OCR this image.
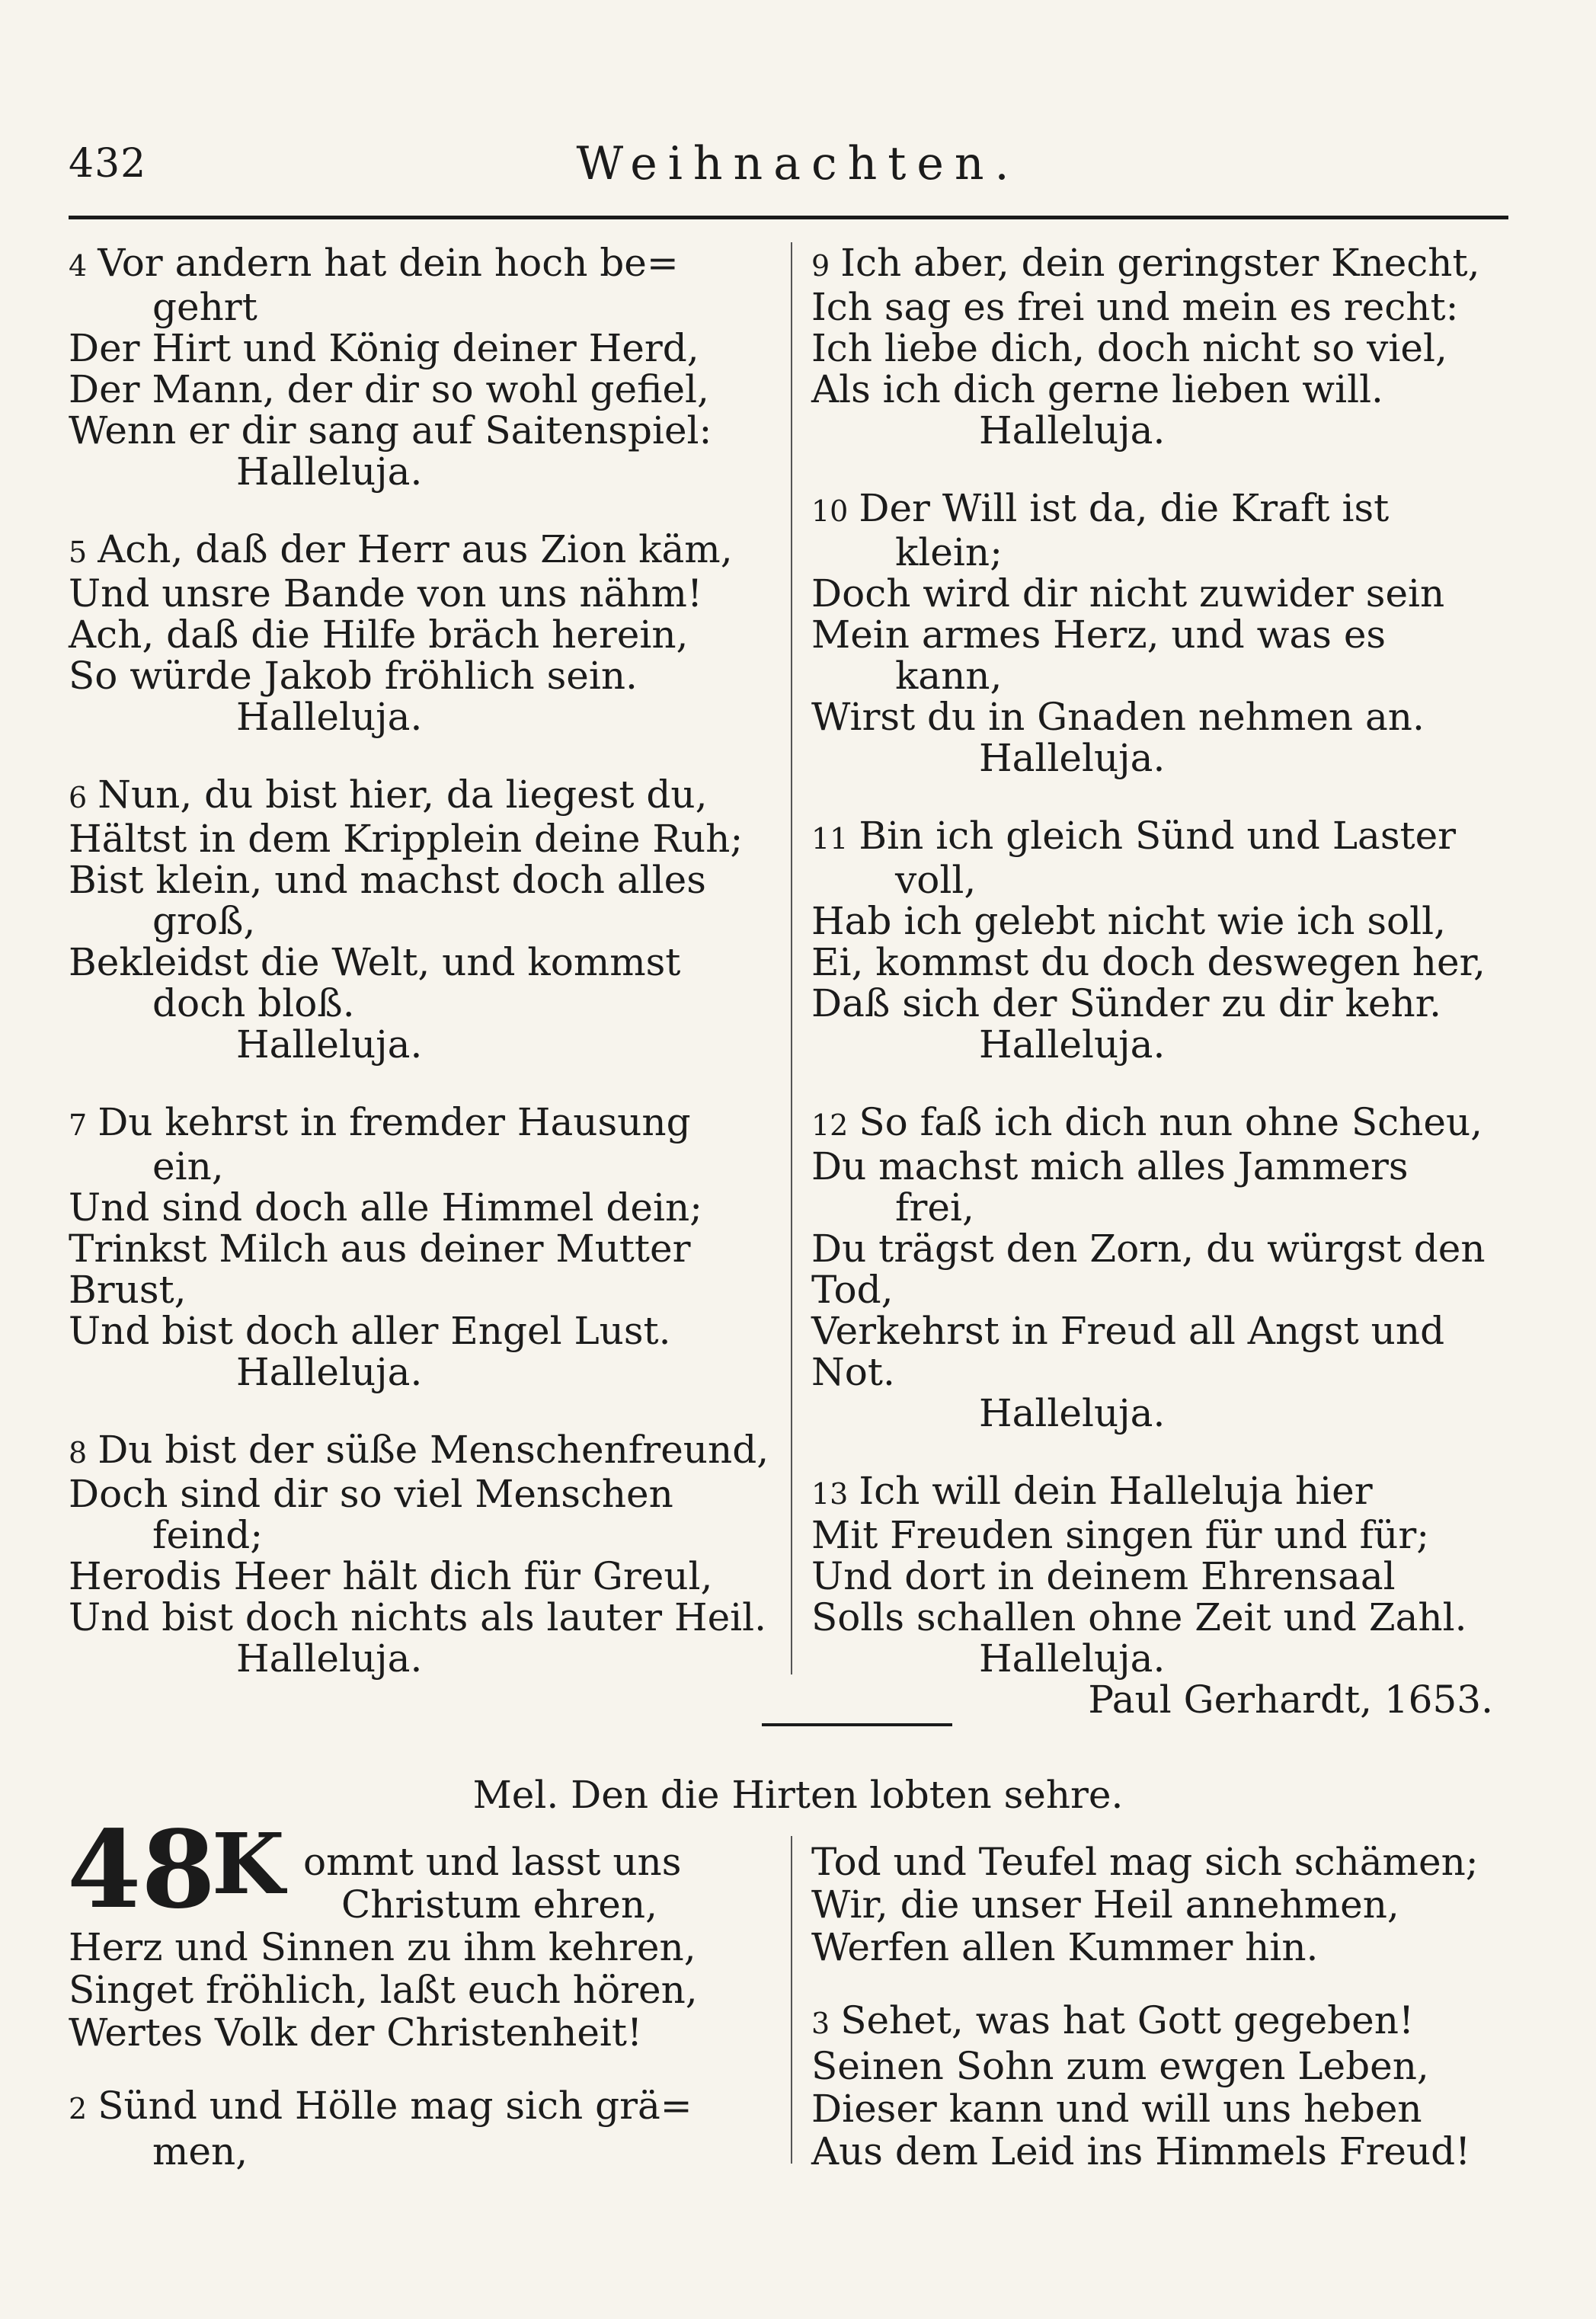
432	Weihnachten.
4 Vor andern hat dein hoch be=
gehrt
Der Hirt und König deiner Herd,
Der Mann, der dir so wohl gefiel,
Wenn er dir sang auf Saitenspiel:
Halleluja.
5 Ach, daß der Herr aus Zion käm,
Und unsre Bande von uns nähm!
Ach, daß die Hilfe bräch herein,
So würde Jakob fröhlich sein.
Halleluja.
6 Nun, du bist hier, da liegest du,
Hältst in dem Kripplein deine Ruh;
Bist klein, und machst doch alles
groß,
Bekleidst die Welt, und kommst
doch bloß.
Halleluja.
7 Du kehrst in fremder Hausung
ein,
Und sind doch alle Himmel dein;
Trinkst Milch aus deiner Mutter
Brust,
Und bist doch aller Engel Lust.
Halleluja.
8 Du bist der süße Menschenfreund,
Doch sind dir so viel Menschen
feind;
Herodis Heer hält dich für Greul,
Und bist doch nichts als lauter Heil.
Halleluja.
9 Ich aber, dein geringster Knecht,
Ich sag es frei und mein es recht:
Ich liebe dich, doch nicht so viel,
Als ich dich gerne lieben will.
Halleluja.
10 Der Will ist da, die Kraft ist
klein;
Doch wird dir nicht zuwider sein
Mein armes Herz, und was es
kann,
Wirst du in Gnaden nehmen an.
Halleluja.
11 Bin ich gleich Sünd und Laster
voll,
Hab ich gelebt nicht wie ich soll,
Ei, kommst du doch deswegen her,
Daß sich der Sünder zu dir kehr.
Halleluja.
12 So faß ich dich nun ohne Scheu,
Du machst mich alles Jammers
frei,
Du trägst den Zorn, du würgst den
Tod,
Verkehrst in Freud all Angst und
Not.
Halleluja.
13 Ich will dein Halleluja hier
Mit Freuden singen für und für;
Und dort in deinem Ehrensaal
Solls schallen ohne Zeit und Zahl.
Halleluja.
Paul Gerhardt, 1653.
Mel. Den die Hirten lobten sehre.
48
K ommt und lasst uns
Christum ehren,
Herz und Sinnen zu ihm kehren,
Singet fröhlich, laßt euch hören,
Wertes Volk der Christenheit!
2 Sünd und Hölle mag sich grä=
men,
Tod und Teufel mag sich schämen;
Wir, die unser Heil annehmen,
Werfen allen Kummer hin.
3 Sehet, was hat Gott gegeben!
Seinen Sohn zum ewgen Leben,
Dieser kann und will uns heben
Aus dem Leid ins Himmels Freud!
